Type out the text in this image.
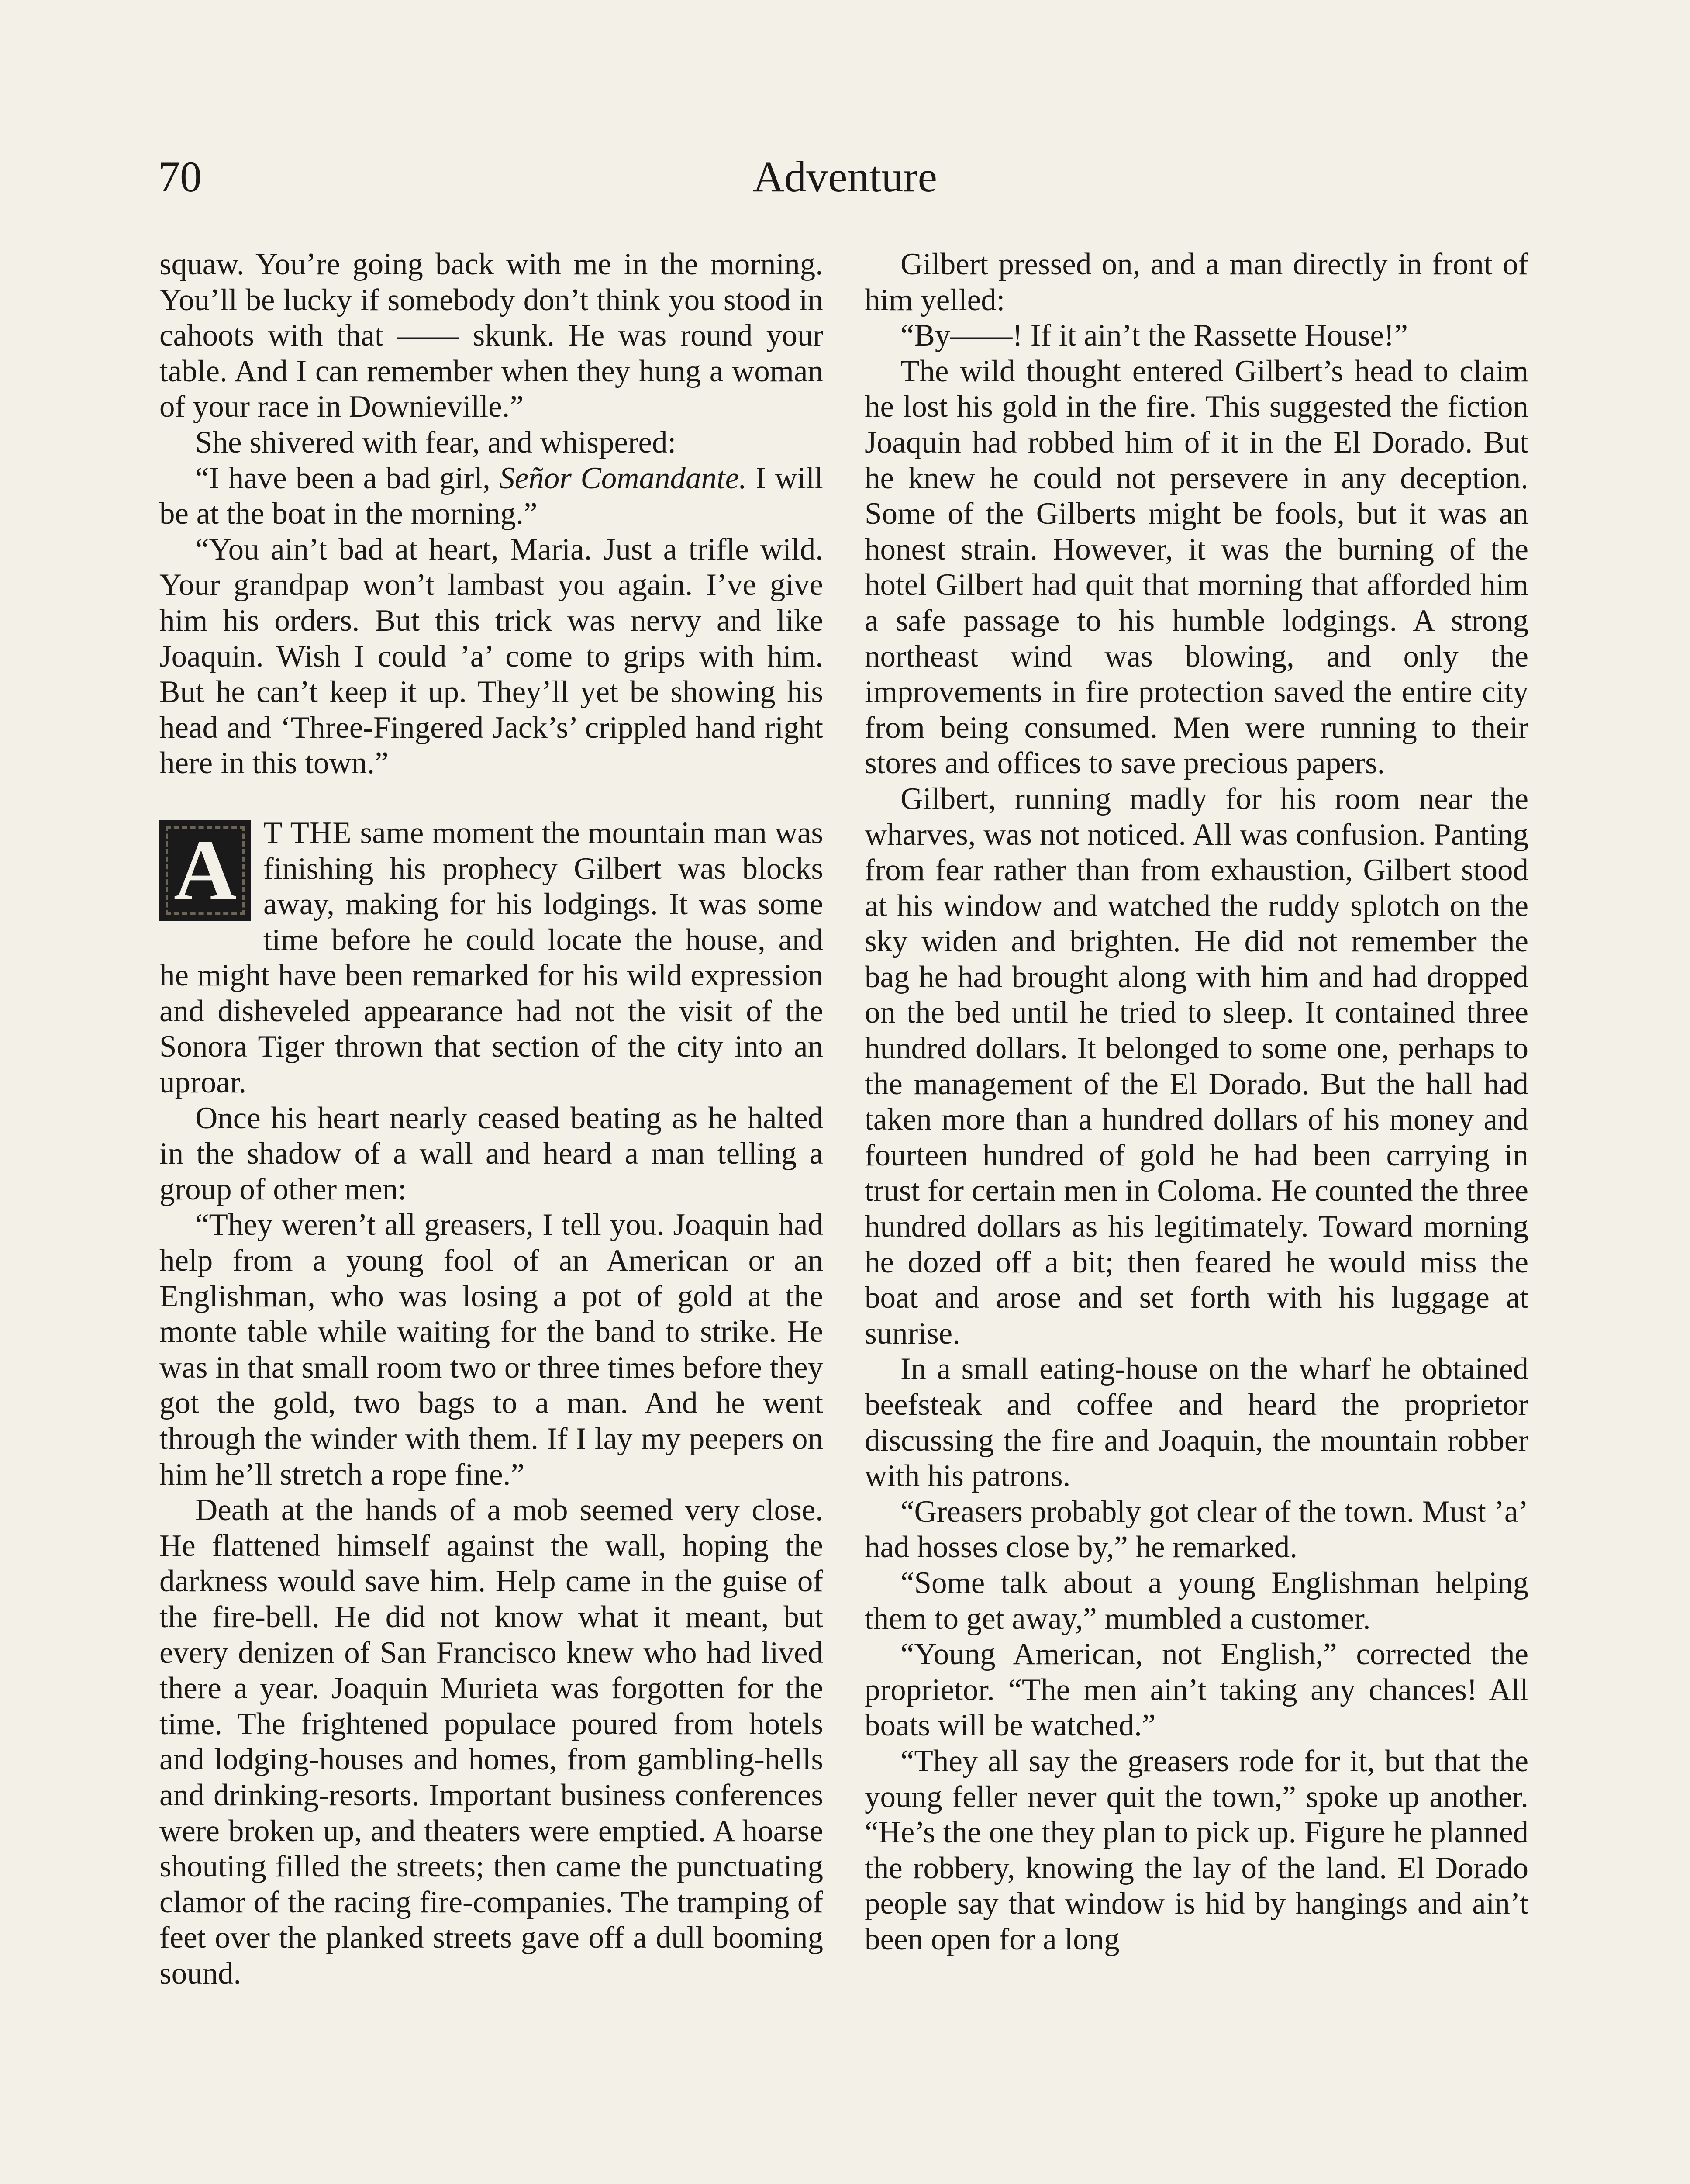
70	Adventure

squaw. You’re going back with me in the morning. You’ll be lucky if somebody don’t think you stood in cahoots with that —— skunk. He was round your table. And I can remember when they hung a woman of your race in Downieville.”

She shivered with fear, and whispered:

“I have been a bad girl, Señor Comandante. I will be at the boat in the morning.”

“You ain’t bad at heart, Maria. Just a trifle wild. Your grandpap won’t lambast you again. I’ve give him his orders. But this trick was nervy and like Joaquin. Wish I could ’a’ come to grips with him. But he can’t keep it up. They’ll yet be showing his head and ‘Three-Fingered Jack’s’ crippled hand right here in this town.”

A T THE same moment the mountain man was finishing his prophecy Gilbert was blocks away, making for his lodgings. It was some time before he could locate the house, and he might have been remarked for his wild expression and disheveled appearance had not the visit of the Sonora Tiger thrown that section of the city into an uproar.

Once his heart nearly ceased beating as he halted in the shadow of a wall and heard a man telling a group of other men:

“They weren’t all greasers, I tell you. Joaquin had help from a young fool of an American or an Englishman, who was losing a pot of gold at the monte table while waiting for the band to strike. He was in that small room two or three times before they got the gold, two bags to a man. And he went through the winder with them. If I lay my peepers on him he’ll stretch a rope fine.”

Death at the hands of a mob seemed very close. He flattened himself against the wall, hoping the darkness would save him. Help came in the guise of the fire-bell. He did not know what it meant, but every denizen of San Francisco knew who had lived there a year. Joaquin Murieta was forgotten for the time. The frightened populace poured from hotels and lodging-houses and homes, from gambling-hells and drinking-resorts. Important business conferences were broken up, and theaters were emptied. A hoarse shouting filled the streets; then came the punctuating clamor of the racing fire-companies. The tramping of feet over the planked streets gave off a dull booming sound.

Gilbert pressed on, and a man directly in front of him yelled:

“By——! If it ain’t the Rassette House!”

The wild thought entered Gilbert’s head to claim he lost his gold in the fire. This suggested the fiction Joaquin had robbed him of it in the El Dorado. But he knew he could not persevere in any deception. Some of the Gilberts might be fools, but it was an honest strain. However, it was the burning of the hotel Gilbert had quit that morning that afforded him a safe passage to his humble lodgings. A strong northeast wind was blowing, and only the improvements in fire protection saved the entire city from being consumed. Men were running to their stores and offices to save precious papers.

Gilbert, running madly for his room near the wharves, was not noticed. All was confusion. Panting from fear rather than from exhaustion, Gilbert stood at his window and watched the ruddy splotch on the sky widen and brighten. He did not remember the bag he had brought along with him and had dropped on the bed until he tried to sleep. It contained three hundred dollars. It belonged to some one, perhaps to the management of the El Dorado. But the hall had taken more than a hundred dollars of his money and fourteen hundred of gold he had been carrying in trust for certain men in Coloma. He counted the three hundred dollars as his legitimately. Toward morning he dozed off a bit; then feared he would miss the boat and arose and set forth with his luggage at sunrise.

In a small eating-house on the wharf he obtained beefsteak and coffee and heard the proprietor discussing the fire and Joaquin, the mountain robber with his patrons.

“Greasers probably got clear of the town. Must ’a’ had hosses close by,” he remarked.

“Some talk about a young Englishman helping them to get away,” mumbled a customer.

“Young American, not English,” corrected the proprietor. “The men ain’t taking any chances! All boats will be watched.”

“They all say the greasers rode for it, but that the young feller never quit the town,” spoke up another. “He’s the one they plan to pick up. Figure he planned the robbery, knowing the lay of the land. El Dorado people say that window is hid by hangings and ain’t been open for a long
